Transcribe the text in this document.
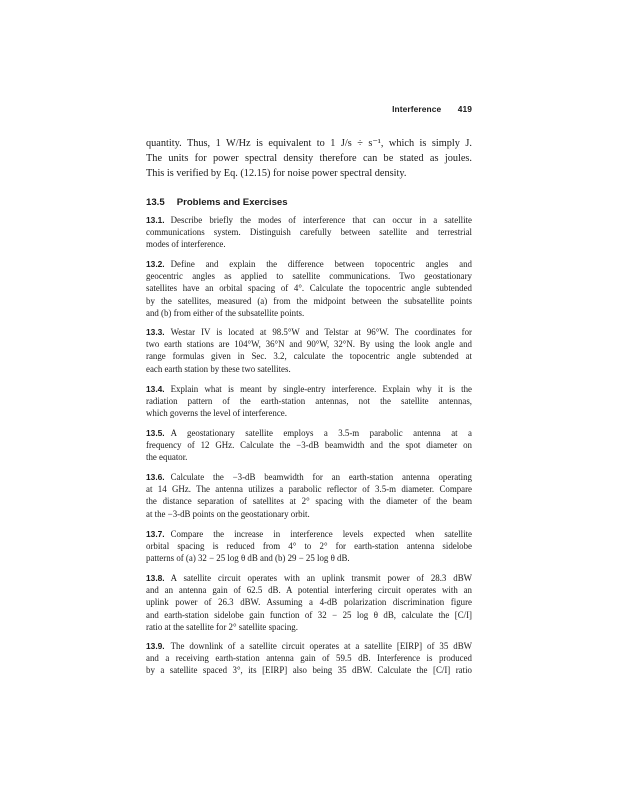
Interference 419
quantity. Thus, 1 W/Hz is equivalent to 1 J/s ÷ s⁻¹, which is simply J.
The units for power spectral density therefore can be stated as joules.
This is verified by Eq. (12.15) for noise power spectral density.
13.5 Problems and Exercises
13.1. Describe briefly the modes of interference that can occur in a satellite
communications system. Distinguish carefully between satellite and terrestrial
modes of interference.
13.2. Define and explain the difference between topocentric angles and
geocentric angles as applied to satellite communications. Two geostationary
satellites have an orbital spacing of 4°. Calculate the topocentric angle subtended
by the satellites, measured (a) from the midpoint between the subsatellite points
and (b) from either of the subsatellite points.
13.3. Westar IV is located at 98.5°W and Telstar at 96°W. The coordinates for
two earth stations are 104°W, 36°N and 90°W, 32°N. By using the look angle and
range formulas given in Sec. 3.2, calculate the topocentric angle subtended at
each earth station by these two satellites.
13.4. Explain what is meant by single-entry interference. Explain why it is the
radiation pattern of the earth-station antennas, not the satellite antennas,
which governs the level of interference.
13.5. A geostationary satellite employs a 3.5-m parabolic antenna at a
frequency of 12 GHz. Calculate the −3-dB beamwidth and the spot diameter on
the equator.
13.6. Calculate the −3-dB beamwidth for an earth-station antenna operating
at 14 GHz. The antenna utilizes a parabolic reflector of 3.5-m diameter. Compare
the distance separation of satellites at 2° spacing with the diameter of the beam
at the −3-dB points on the geostationary orbit.
13.7. Compare the increase in interference levels expected when satellite
orbital spacing is reduced from 4° to 2° for earth-station antenna sidelobe
patterns of (a) 32 − 25 log θ dB and (b) 29 − 25 log θ dB.
13.8. A satellite circuit operates with an uplink transmit power of 28.3 dBW
and an antenna gain of 62.5 dB. A potential interfering circuit operates with an
uplink power of 26.3 dBW. Assuming a 4-dB polarization discrimination figure
and earth-station sidelobe gain function of 32 − 25 log θ dB, calculate the [C/I]
ratio at the satellite for 2° satellite spacing.
13.9. The downlink of a satellite circuit operates at a satellite [EIRP] of 35 dBW
and a receiving earth-station antenna gain of 59.5 dB. Interference is produced
by a satellite spaced 3°, its [EIRP] also being 35 dBW. Calculate the [C/I] ratio
